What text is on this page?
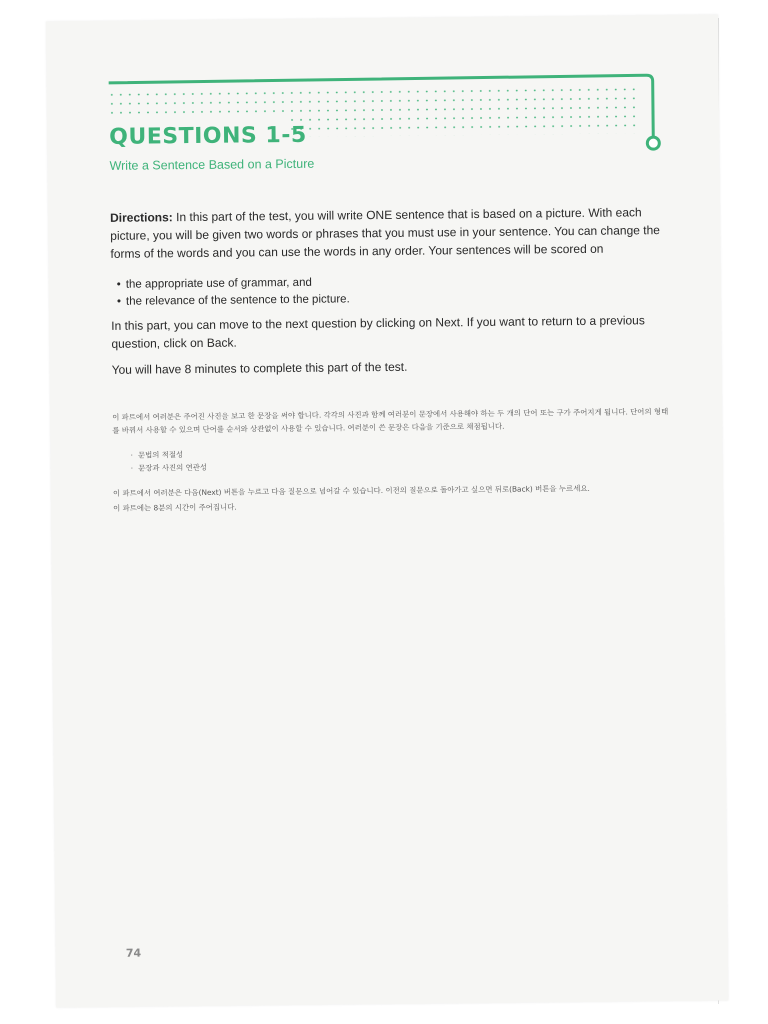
QUESTIONS 1-5
Write a Sentence Based on a Picture
Directions: In this part of the test, you will write ONE sentence that is based on a picture. With each picture, you will be given two words or phrases that you must use in your sentence. You can change the forms of the words and you can use the words in any order. Your sentences will be scored on
• the appropriate use of grammar, and
• the relevance of the sentence to the picture.

In this part, you can move to the next question by clicking on Next. If you want to return to a previous question, click on Back.

You will have 8 minutes to complete this part of the test.

이 파트에서 여러분은 주어진 사진을 보고 한 문장을 써야 합니다. 각각의 사진과 함께 여러분이 문장에서 사용해야 하는 두 개의 단어 또는 구가 주어지게 됩니다. 단어의 형태를 바꿔서 사용할 수 있으며 단어를 순서와 상관없이 사용할 수 있습니다. 여러분이 쓴 문장은 다음을 기준으로 채점됩니다.

· 문법의 적절성
· 문장과 사진의 연관성

이 파트에서 여러분은 다음(Next) 버튼을 누르고 다음 질문으로 넘어갈 수 있습니다. 이전의 질문으로 돌아가고 싶으면 뒤로(Back) 버튼을 누르세요.

이 파트에는 8분의 시간이 주어집니다.

74
